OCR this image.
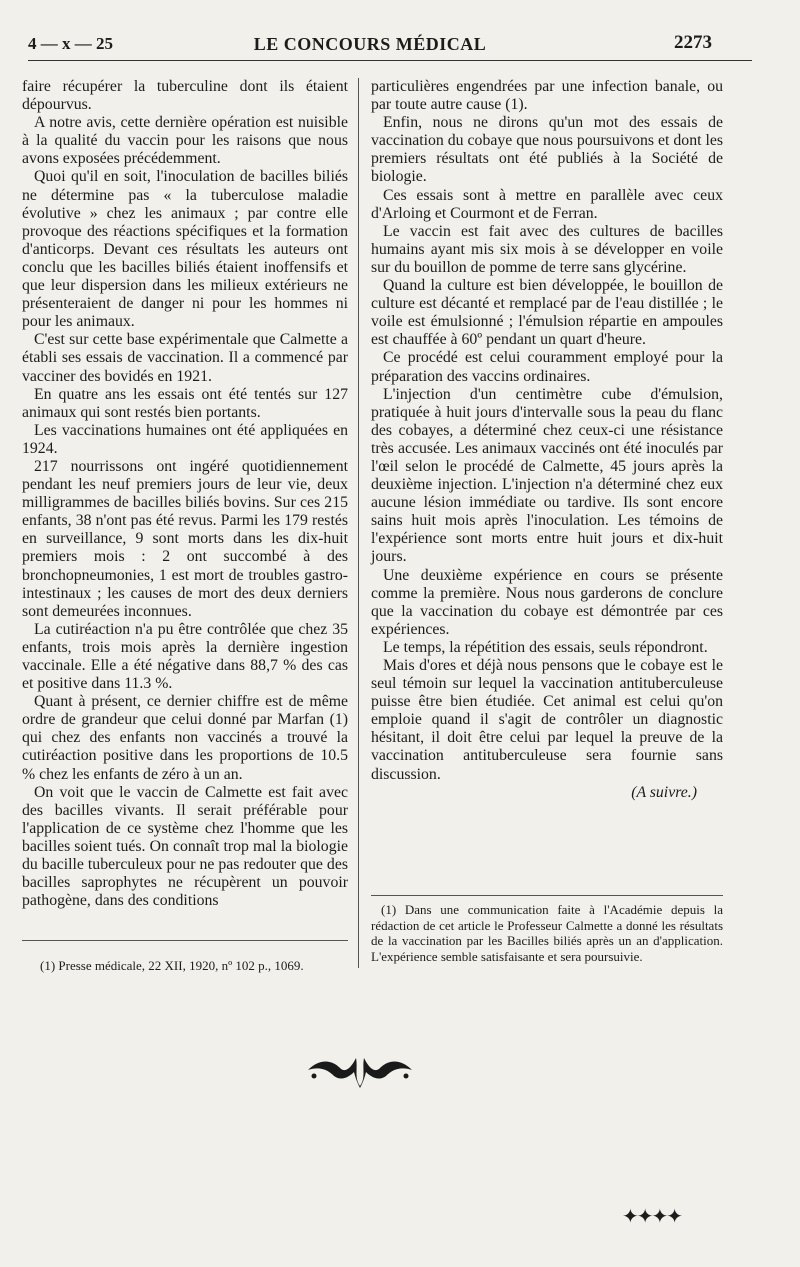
4 — x — 25	LE CONCOURS MÉDICAL	2273

faire récupérer la tuberculine dont ils étaient dépourvus.

A notre avis, cette dernière opération est nuisible à la qualité du vaccin pour les raisons que nous avons exposées précédemment.

Quoi qu'il en soit, l'inoculation de bacilles biliés ne détermine pas « la tuberculose maladie évolutive » chez les animaux ; par contre elle provoque des réactions spécifiques et la formation d'anticorps. Devant ces résultats les auteurs ont conclu que les bacilles biliés étaient inoffensifs et que leur dispersion dans les milieux extérieurs ne présenteraient de danger ni pour les hommes ni pour les animaux.

C'est sur cette base expérimentale que Calmette a établi ses essais de vaccination. Il a commencé par vacciner des bovidés en 1921.

En quatre ans les essais ont été tentés sur 127 animaux qui sont restés bien portants.

Les vaccinations humaines ont été appliquées en 1924.

217 nourrissons ont ingéré quotidiennement pendant les neuf premiers jours de leur vie, deux milligrammes de bacilles biliés bovins. Sur ces 215 enfants, 38 n'ont pas été revus. Parmi les 179 restés en surveillance, 9 sont morts dans les dix-huit premiers mois : 2 ont succombé à des bronchopneumonies, 1 est mort de troubles gastro-intestinaux ; les causes de mort des deux derniers sont demeurées inconnues.

La cutiréaction n'a pu être contrôlée que chez 35 enfants, trois mois après la dernière ingestion vaccinale. Elle a été négative dans 88,7 % des cas et positive dans 11.3 %.

Quant à présent, ce dernier chiffre est de même ordre de grandeur que celui donné par Marfan (1) qui chez des enfants non vaccinés a trouvé la cutiréaction positive dans les proportions de 10.5 % chez les enfants de zéro à un an.

On voit que le vaccin de Calmette est fait avec des bacilles vivants. Il serait préférable pour l'application de ce système chez l'homme que les bacilles soient tués. On connaît trop mal la biologie du bacille tuberculeux pour ne pas redouter que des bacilles saprophytes ne récupèrent un pouvoir pathogène, dans des conditions

particulières engendrées par une infection banale, ou par toute autre cause (1).

Enfin, nous ne dirons qu'un mot des essais de vaccination du cobaye que nous poursuivons et dont les premiers résultats ont été publiés à la Société de biologie.

Ces essais sont à mettre en parallèle avec ceux d'Arloing et Courmont et de Ferran.

Le vaccin est fait avec des cultures de bacilles humains ayant mis six mois à se développer en voile sur du bouillon de pomme de terre sans glycérine.

Quand la culture est bien développée, le bouillon de culture est décanté et remplacé par de l'eau distillée ; le voile est émulsionné ; l'émulsion répartie en ampoules est chauffée à 60º pendant un quart d'heure.

Ce procédé est celui couramment employé pour la préparation des vaccins ordinaires.

L'injection d'un centimètre cube d'émulsion, pratiquée à huit jours d'intervalle sous la peau du flanc des cobayes, a déterminé chez ceux-ci une résistance très accusée. Les animaux vaccinés ont été inoculés par l'œil selon le procédé de Calmette, 45 jours après la deuxième injection. L'injection n'a déterminé chez eux aucune lésion immédiate ou tardive. Ils sont encore sains huit mois après l'inoculation. Les témoins de l'expérience sont morts entre huit jours et dix-huit jours.

Une deuxième expérience en cours se présente comme la première. Nous nous garderons de conclure que la vaccination du cobaye est démontrée par ces expériences.

Le temps, la répétition des essais, seuls répondront.

Mais d'ores et déjà nous pensons que le cobaye est le seul témoin sur lequel la vaccination antituberculeuse puisse être bien étudiée. Cet animal est celui qu'on emploie quand il s'agit de contrôler un diagnostic hésitant, il doit être celui par lequel la preuve de la vaccination antituberculeuse sera fournie sans discussion.

(A suivre.)

(1) Presse médicale, 22 XII, 1920, nº 102 p., 1069.

(1) Dans une communication faite à l'Académie depuis la rédaction de cet article le Professeur Calmette a donné les résultats de la vaccination par les Bacilles biliés après un an d'application. L'expérience semble satisfaisante et sera poursuivie.

✦✦✦✦
